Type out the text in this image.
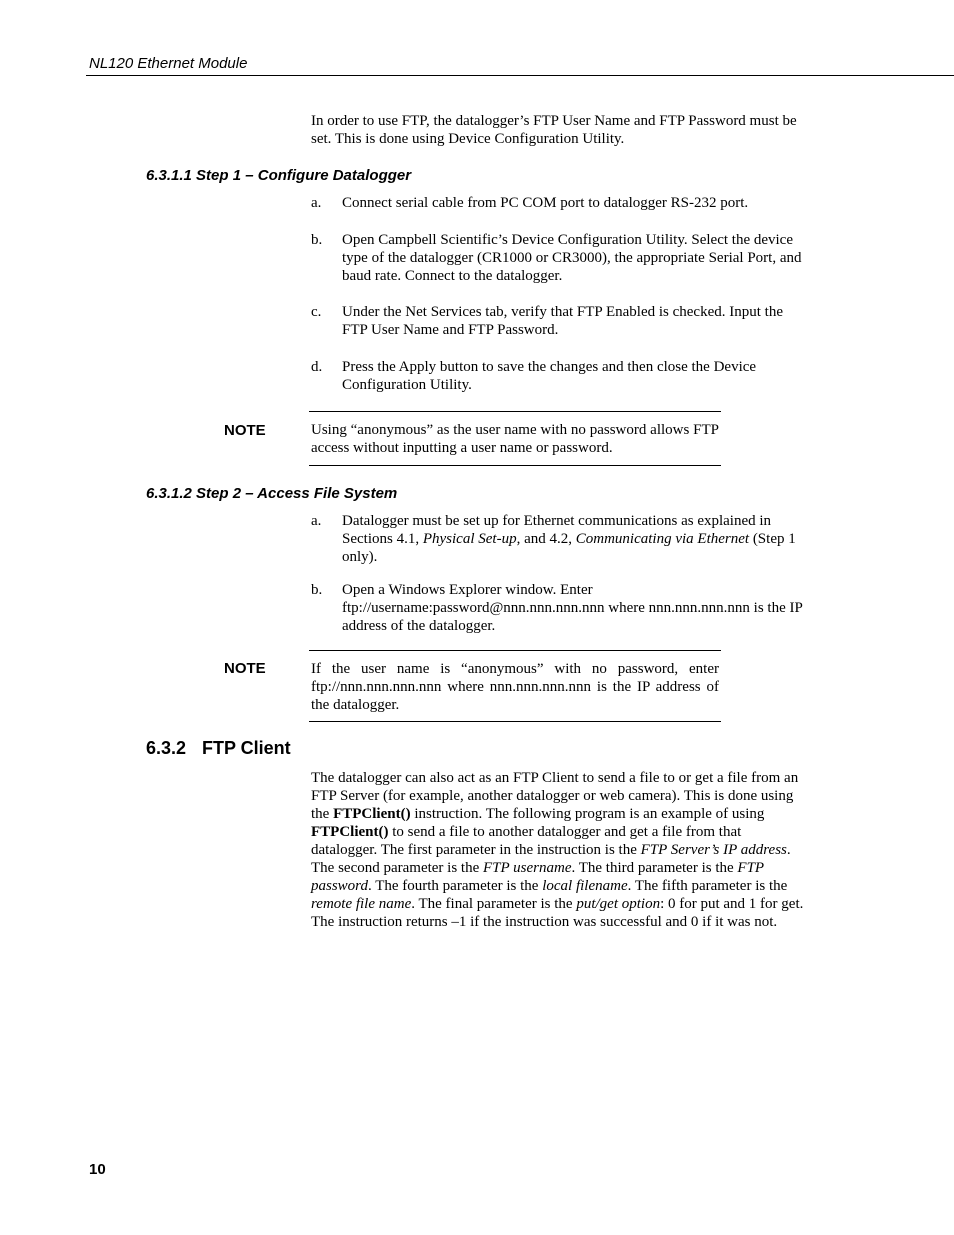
NL120 Ethernet Module
In order to use FTP, the datalogger’s FTP User Name and FTP Password must be set. This is done using Device Configuration Utility.
6.3.1.1 Step 1 – Configure Datalogger
a. Connect serial cable from PC COM port to datalogger RS-232 port.
b. Open Campbell Scientific’s Device Configuration Utility. Select the device type of the datalogger (CR1000 or CR3000), the appropriate Serial Port, and baud rate. Connect to the datalogger.
c. Under the Net Services tab, verify that FTP Enabled is checked. Input the FTP User Name and FTP Password.
d. Press the Apply button to save the changes and then close the Device Configuration Utility.
NOTE	Using “anonymous” as the user name with no password allows FTP access without inputting a user name or password.
6.3.1.2 Step 2 – Access File System
a. Datalogger must be set up for Ethernet communications as explained in Sections 4.1, Physical Set-up, and 4.2, Communicating via Ethernet (Step 1 only).
b. Open a Windows Explorer window. Enter
ftp://username:password@nnn.nnn.nnn.nnn where nnn.nnn.nnn.nnn is the IP address of the datalogger.
NOTE	If the user name is “anonymous” with no password, enter ftp://nnn.nnn.nnn.nnn where nnn.nnn.nnn.nnn is the IP address of the datalogger.
6.3.2 FTP Client
The datalogger can also act as an FTP Client to send a file to or get a file from an FTP Server (for example, another datalogger or web camera). This is done using the FTPClient() instruction. The following program is an example of using FTPClient() to send a file to another datalogger and get a file from that datalogger. The first parameter in the instruction is the FTP Server’s IP address. The second parameter is the FTP username. The third parameter is the FTP password. The fourth parameter is the local filename. The fifth parameter is the remote file name. The final parameter is the put/get option: 0 for put and 1 for get. The instruction returns –1 if the instruction was successful and 0 if it was not.
10
